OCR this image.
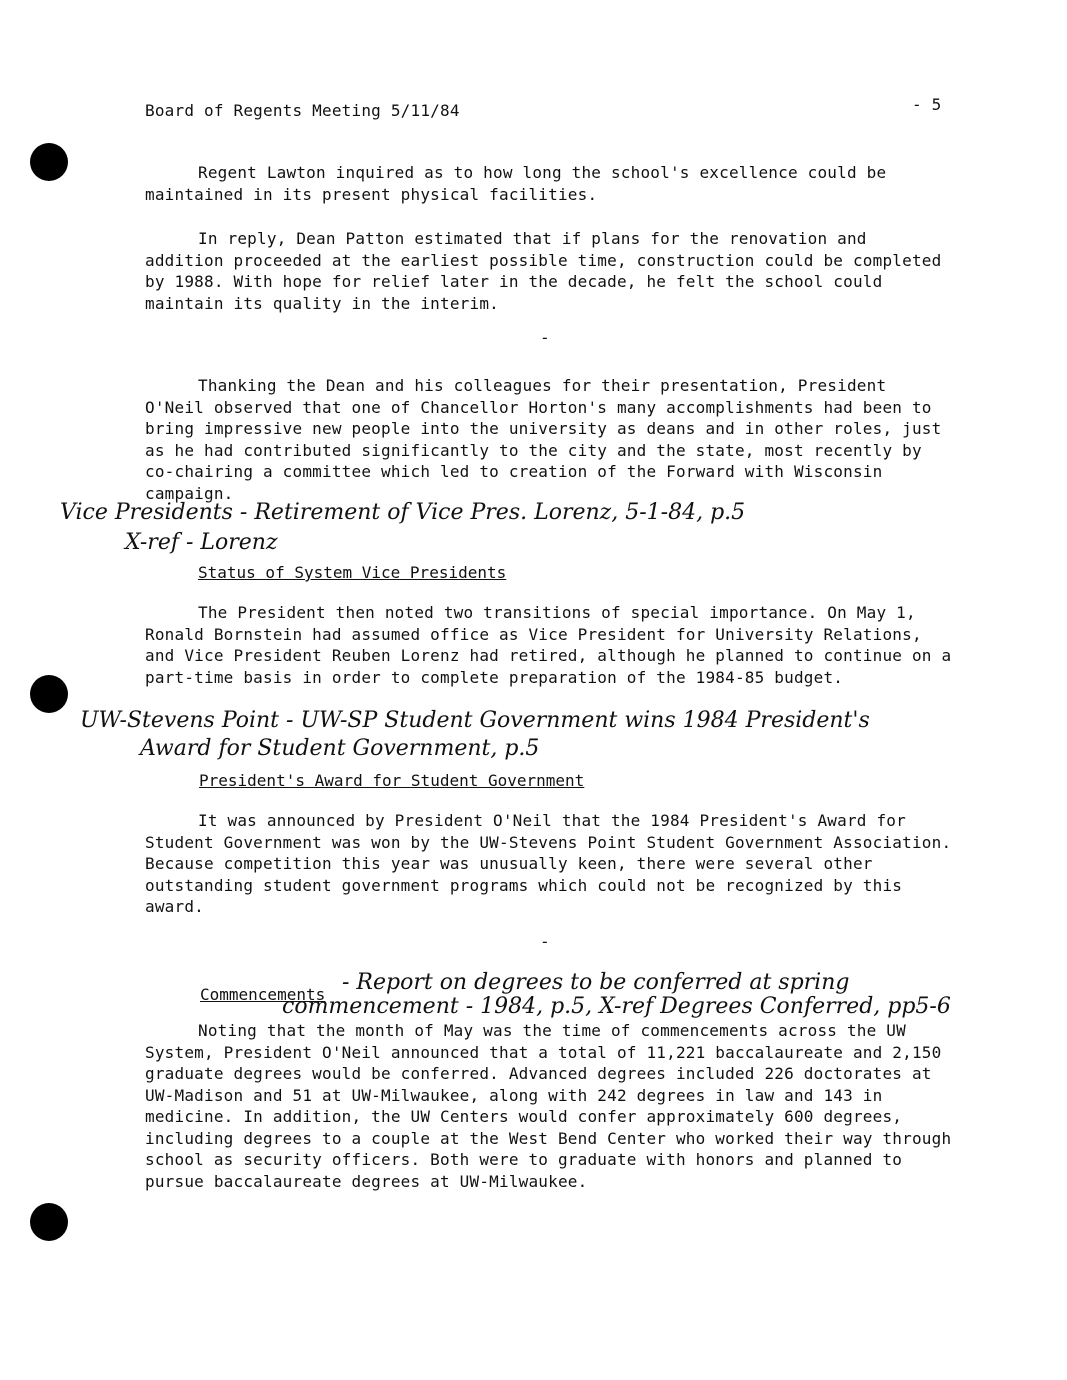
Board of Regents Meeting 5/11/84	- 5
Regent Lawton inquired as to how long the school's excellence could be maintained in its present physical facilities.
In reply, Dean Patton estimated that if plans for the renovation and addition proceeded at the earliest possible time, construction could be completed by 1988. With hope for relief later in the decade, he felt the school could maintain its quality in the interim.
-
Thanking the Dean and his colleagues for their presentation, President O'Neil observed that one of Chancellor Horton's many accomplishments had been to bring impressive new people into the university as deans and in other roles, just as he had contributed significantly to the city and the state, most recently by co-chairing a committee which led to creation of the Forward with Wisconsin campaign.
Vice Presidents - Retirement of Vice Pres. Lorenz, 5-1-84, p.5
X-ref - Lorenz
Status of System Vice Presidents
The President then noted two transitions of special importance. On May 1, Ronald Bornstein had assumed office as Vice President for University Relations, and Vice President Reuben Lorenz had retired, although he planned to continue on a part-time basis in order to complete preparation of the 1984-85 budget.
UW-Stevens Point - UW-SP Student Government wins 1984 President's
Award for Student Government, p.5
President's Award for Student Government
It was announced by President O'Neil that the 1984 President's Award for Student Government was won by the UW-Stevens Point Student Government Association. Because competition this year was unusually keen, there were several other outstanding student government programs which could not be recognized by this award.
-
Commencements - Report on degrees to be conferred at spring
commencement - 1984, p.5, X-ref Degrees Conferred, pp5-6
Noting that the month of May was the time of commencements across the UW System, President O'Neil announced that a total of 11,221 baccalaureate and 2,150 graduate degrees would be conferred. Advanced degrees included 226 doctorates at UW-Madison and 51 at UW-Milwaukee, along with 242 degrees in law and 143 in medicine. In addition, the UW Centers would confer approximately 600 degrees, including degrees to a couple at the West Bend Center who worked their way through school as security officers. Both were to graduate with honors and planned to pursue baccalaureate degrees at UW-Milwaukee.
